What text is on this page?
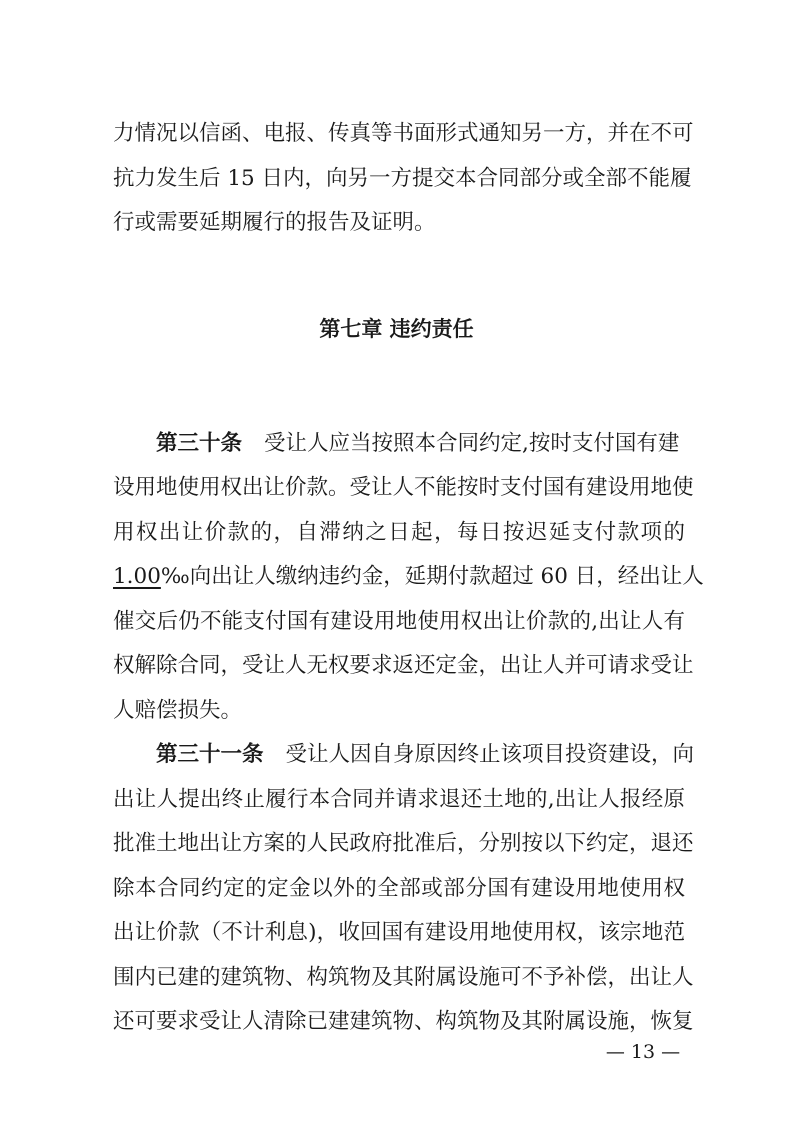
力情况以信函、电报、传真等书面形式通知另一方，并在不可
抗力发生后 15 日内，向另一方提交本合同部分或全部不能履
行或需要延期履行的报告及证明。
第七章 违约责任
第三十条 受让人应当按照本合同约定,按时支付国有建
设用地使用权出让价款。受让人不能按时支付国有建设用地使
用权出让价款的，自滞纳之日起，每日按迟延支付款项的
1.00‰向出让人缴纳违约金，延期付款超过 60 日，经出让人
催交后仍不能支付国有建设用地使用权出让价款的,出让人有
权解除合同，受让人无权要求返还定金，出让人并可请求受让
人赔偿损失。
第三十一条 受让人因自身原因终止该项目投资建设，向
出让人提出终止履行本合同并请求退还土地的,出让人报经原
批准土地出让方案的人民政府批准后，分别按以下约定，退还
除本合同约定的定金以外的全部或部分国有建设用地使用权
出让价款（不计利息)，收回国有建设用地使用权，该宗地范
围内已建的建筑物、构筑物及其附属设施可不予补偿，出让人
还可要求受让人清除已建建筑物、构筑物及其附属设施，恢复
— 13 —
